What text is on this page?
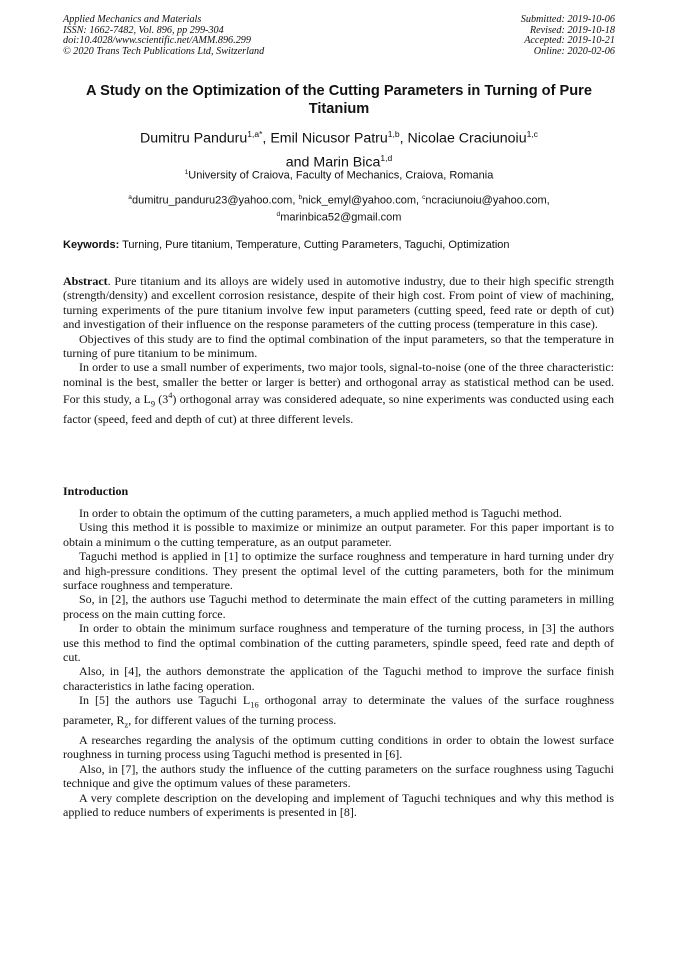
Applied Mechanics and Materials
ISSN: 1662-7482, Vol. 896, pp 299-304
doi:10.4028/www.scientific.net/AMM.896.299
© 2020 Trans Tech Publications Ltd, Switzerland
Submitted: 2019-10-06
Revised: 2019-10-18
Accepted: 2019-10-21
Online: 2020-02-06
A Study on the Optimization of the Cutting Parameters in Turning of Pure Titanium
Dumitru Panduru$^{1,a*}$, Emil Nicusor Patru$^{1,b}$, Nicolae Craciunoiu$^{1,c}$
and Marin Bica$^{1,d}$
$^1$University of Craiova, Faculty of Mechanics, Craiova, Romania
$^a$dumitru_panduru23@yahoo.com, $^b$nick_emyl@yahoo.com, $^c$ncraciunoiu@yahoo.com,
$^d$marinbica52@gmail.com
Keywords: Turning, Pure titanium, Temperature, Cutting Parameters, Taguchi, Optimization

Abstract. Pure titanium and its alloys are widely used in automotive industry, due to their high specific strength (strength/density) and excellent corrosion resistance, despite of their high cost. From point of view of machining, turning experiments of the pure titanium involve few input parameters (cutting speed, feed rate or depth of cut) and investigation of their influence on the response parameters of the cutting process (temperature in this case).

Objectives of this study are to find the optimal combination of the input parameters, so that the temperature in turning of pure titanium to be minimum.

In order to use a small number of experiments, two major tools, signal-to-noise (one of the three characteristic: nominal is the best, smaller the better or larger is better) and orthogonal array as statistical method can be used. For this study, a $L_9$ $(3^4)$ orthogonal array was considered adequate, so nine experiments was conducted using each factor (speed, feed and depth of cut) at three different levels.

Introduction

In order to obtain the optimum of the cutting parameters, a much applied method is Taguchi method.

Using this method it is possible to maximize or minimize an output parameter. For this paper important is to obtain a minimum o the cutting temperature, as an output parameter.

Taguchi method is applied in [1] to optimize the surface roughness and temperature in hard turning under dry and high-pressure conditions. They present the optimal level of the cutting parameters, both for the minimum surface roughness and temperature.

So, in [2], the authors use Taguchi method to determinate the main effect of the cutting parameters in milling process on the main cutting force.

In order to obtain the minimum surface roughness and temperature of the turning process, in [3] the authors use this method to find the optimal combination of the cutting parameters, spindle speed, feed rate and depth of cut.

Also, in [4], the authors demonstrate the application of the Taguchi method to improve the surface finish characteristics in lathe facing operation.

In [5] the authors use Taguchi $L_{16}$ orthogonal array to determinate the values of the surface roughness parameter, $R_z$, for different values of the turning process.

A researches regarding the analysis of the optimum cutting conditions in order to obtain the lowest surface roughness in turning process using Taguchi method is presented in [6].

Also, in [7], the authors study the influence of the cutting parameters on the surface roughness using Taguchi technique and give the optimum values of these parameters.

A very complete description on the developing and implement of Taguchi techniques and why this method is applied to reduce numbers of experiments is presented in [8].
